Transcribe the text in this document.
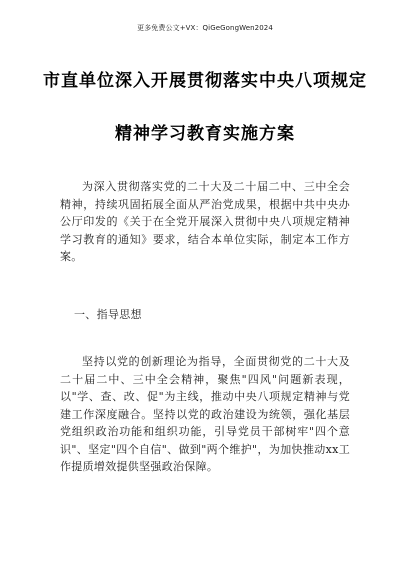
更多免费公文+VX：QiGeGongWen2024
市直单位深入开展贯彻落实中央八项规定
精神学习教育实施方案
为深入贯彻落实党的二十大及二十届二中、三中全会精神，持续巩固拓展全面从严治党成果，根据中共中央办公厅印发的《关于在全党开展深入贯彻中央八项规定精神学习教育的通知》要求，结合本单位实际，制定本工作方案。
一、指导思想
坚持以党的创新理论为指导，全面贯彻党的二十大及二十届二中、三中全会精神，聚焦"四风"问题新表现，以"学、查、改、促"为主线，推动中央八项规定精神与党建工作深度融合。坚持以党的政治建设为统领，强化基层党组织政治功能和组织功能，引导党员干部树牢"四个意识"、坚定"四个自信"、做到"两个维护"，为加快推动xx工作提质增效提供坚强政治保障。
